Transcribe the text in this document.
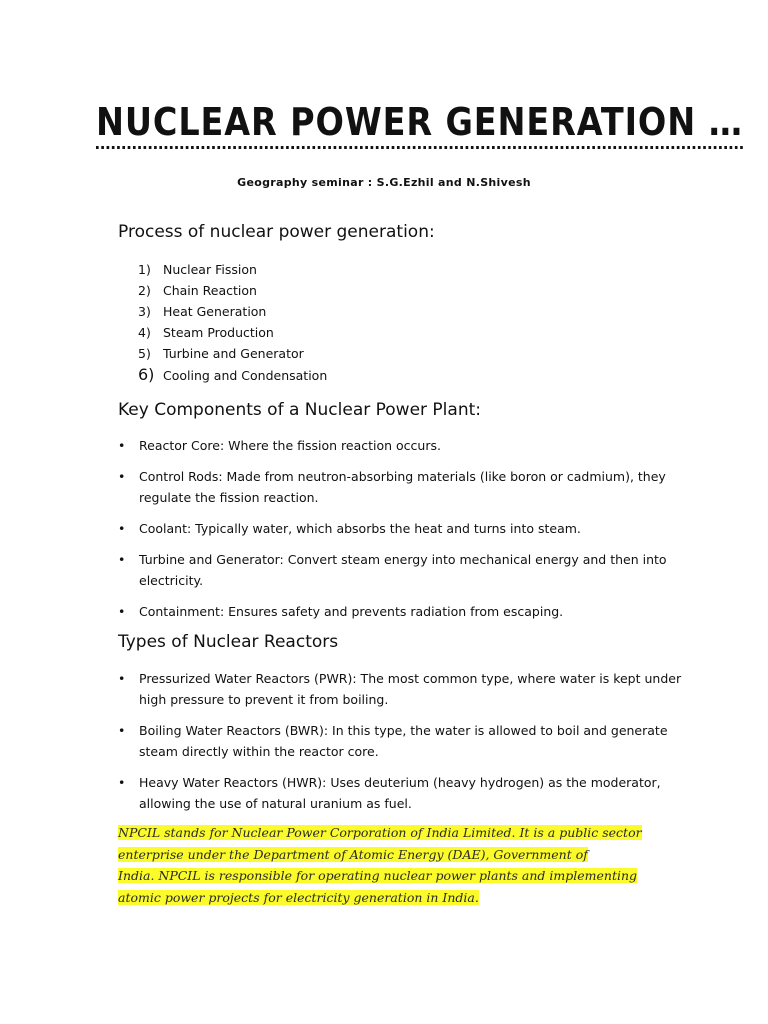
NUCLEAR POWER GENERATION …
Geography seminar : S.G.Ezhil and N.Shivesh
Process of nuclear power generation:
1) Nuclear Fission
2) Chain Reaction
3) Heat Generation
4) Steam Production
5) Turbine and Generator
6) Cooling and Condensation
Key Components of a Nuclear Power Plant:
•	Reactor Core: Where the fission reaction occurs.
•	Control Rods: Made from neutron-absorbing materials (like boron or cadmium), they regulate the fission reaction.
•	Coolant: Typically water, which absorbs the heat and turns into steam.
•	Turbine and Generator: Convert steam energy into mechanical energy and then into electricity.
•	Containment: Ensures safety and prevents radiation from escaping.
Types of Nuclear Reactors
•	Pressurized Water Reactors (PWR): The most common type, where water is kept under high pressure to prevent it from boiling.
•	Boiling Water Reactors (BWR): In this type, the water is allowed to boil and generate steam directly within the reactor core.
•	Heavy Water Reactors (HWR): Uses deuterium (heavy hydrogen) as the moderator, allowing the use of natural uranium as fuel.
NPCIL stands for Nuclear Power Corporation of India Limited. It is a public sector
enterprise under the Department of Atomic Energy (DAE), Government of
India. NPCIL is responsible for operating nuclear power plants and implementing
atomic power projects for electricity generation in India.
